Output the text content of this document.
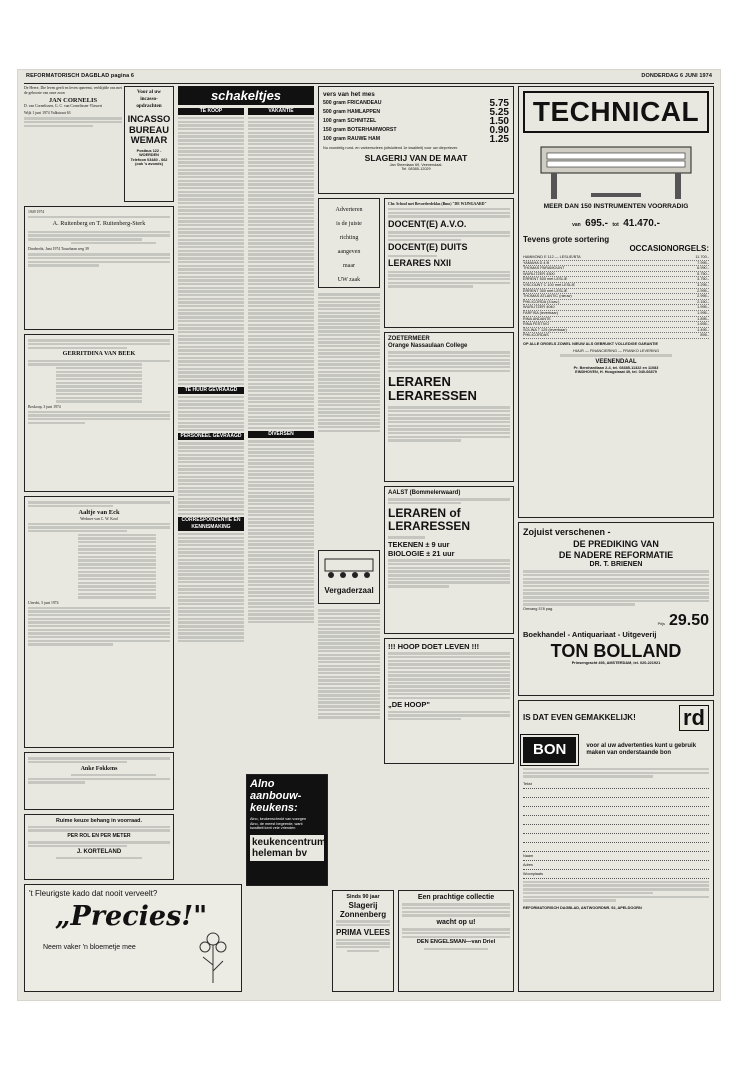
REFORMATORISCH DAGBLAD pagina 6	DONDERDAG 6 JUNI 1974
De Heere, Die leven geeft en leven opneemt, verblijdde ons met de geboorte van onze zoon
JAN CORNELIS
D. van Cornelissen, G. C. van Cornelissen-Vlassert
Wijk 1 juni 1974 Valkstraat 63
1949 1974
A. Ruitenberg en T. Ruitenberg-Sterk
Dordrecht, Juni 1974 Touwbaan weg 39
GERRITDINA VAN BEEK
Boskoop, 3 juni 1974
Aaltje van Eck
Weduwe van C. W. Kool
Utrecht, 5 juni 1974
Anke Fokkens
Ruime keuze behang in voorraad.
PER ROL EN PER METER
J. KORTELAND
't Fleurigste kado dat nooit verveelt?
„Precies!"
Neem vaker 'n bloemetje mee
Voor al uw
incasso-
opdrachten
INCASSO
BUREAU
WEMAR
Postbus 122 - WOERDEN
Telefoon 03480 - 662
(ook 's avonds)
schakeltjes
TE KOOP
TE HUUR GEVRAAGD
PERSONEEL GEVRAAGD
CORRESPONDENTIE EN KENNISMAKING
VAKANTIE
DIVERSEN
Alno aanbouw-
keukens:
Alno, keukenschrokt van voorgen
Alno, de meest begeerde, want
kwaliteit kent vele vrienden
keukencentrum
heleman bv
vers van het mes
500 gram FRICANDEAU	5.75
500 gram HAMLAPPEN	5.25
100 gram SCHNITZEL	1.50
150 gram BOTERHAMWORST	0.90
100 gram RAUWE HAM	1.25
Nu voordelig rund- en varkensvlees (uitsluitend 1e kwaliteit) voor uw diepvriezer.
SLAGERIJ VAN DE MAAT
Jan Steenlaan 69, Veenendaal.
Tel. 08385-12029
Adverteren
is de juiste
richting
aangeven
maar
UW zaak
Vergaderzaal
Chr. School met Bevorderdeklas (Bmo) "DE WIJNGAARD"
DOCENT(E) A.V.O.
DOCENT(E) DUITS
LERARES NXII
ZOETERMEER
Orange Nassaulaan College
LERAREN LERARESSEN
AALST (Bommelerwaard)
LERAREN of LERARESSEN
TEKENEN ± 9 uur
BIOLOGIE ± 21 uur
!!! HOOP DOET LEVEN !!!
„DE HOOP"
Sinds 90 jaar
Slagerij Zonnenberg
PRIMA VLEES
Een prachtige collectie
wacht op u!
DEN ENGELSMAN—van Driel
TECHNICAL
MEER DAN 150 INSTRUMENTEN VOORRADIG
van 695.- tot 41.470.-
Tevens grote sortering
OCCASIONORGELS:
HAMMOND E 112 — LESLIE/BTA	11.700.-
YAMAHA D 4 B	7.995.-
THOMAS PARAMOUNT	6.990.-
WURLITZER 4300	5.750.-
ERRENT 500 met LESLIE	3.750.-
VISCOUNT C 100 met LESLIE	3.295.-
ERRENT 300 met LESLIE	2.995.-
THOMAS ATLANTIC (nieuw)	2.995.-
PHILICORDA (3 kav.)	2.150.-
WURLITZER 4040	1.995.-
FARFISA (leverbaar)	1.995.-
RINA ANDANTE	1.895.-
RINA FESTIVO	1.695.-
SOLINA T 125 (leverbaar)	1.495.-
PHILICORDAS	895.-
OP ALLE ORGELS ZOWEL NIEUW ALS GEBRUIKT VOLLEDIGE GARANTIE
HUUR — FINANCIERING — FRANKO LEVERING
VEENENDAAL
Pr. Bernhardlaan 2-4, tel. 08385-11322 en 11083
EINDHOVEN, H. Hoogstraat 49, tel. 040-66879
Zojuist verschenen -
DE PREDIKING VAN
DE NADERE REFORMATIE
DR. T. BRIENEN
Omvang 378 pag.
Prijs 29.50
Boekhandel - Antiquariaat - Uitgeverij
TON BOLLAND
Prinsengracht 493, AMSTERDAM, tel. 020-221921
IS DAT EVEN GEMAKKELIJK! rd
BON	voor al uw advertenties kunt u gebruik maken van onderstaande bon
Tekst
Naam
Adres
Woonplaats
REFORMATORISCH DAGBLAD, ANTWOORDNR. 92, APELDOORN
